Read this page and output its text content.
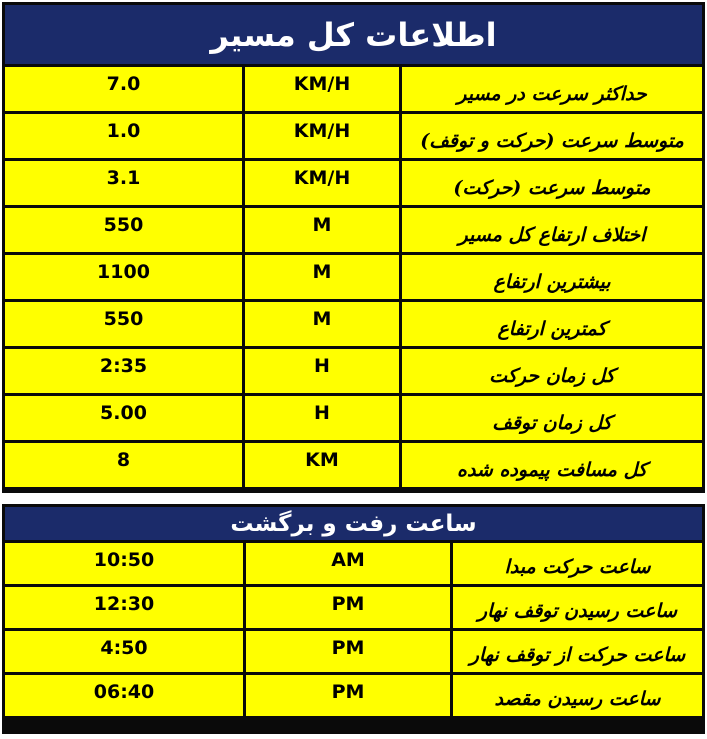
اطلاعات کل مسیر
7.0	KM/H	حداکثر سرعت در مسیر
1.0	KM/H	متوسط سرعت (حرکت و توقف)
3.1	KM/H	متوسط سرعت (حرکت)
550	M	اختلاف ارتفاع کل مسیر
1100	M	بیشترین ارتفاع
550	M	کمترین ارتفاع
2:35	H	کل زمان حرکت
5.00	H	کل زمان توقف
8	KM	کل مسافت پیموده شده
ساعت رفت و برگشت
10:50	AM	ساعت حرکت مبدا
12:30	PM	ساعت رسیدن توقف نهار
4:50	PM	ساعت حرکت از توقف نهار
06:40	PM	ساعت رسیدن مقصد
